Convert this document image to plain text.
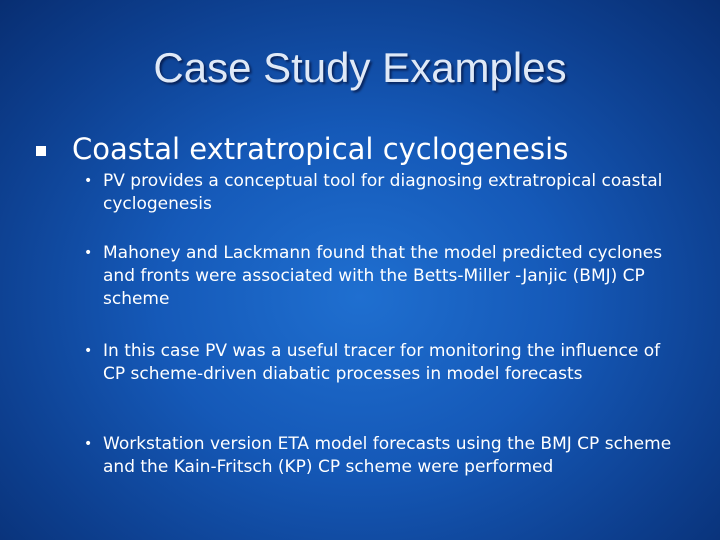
Case Study Examples
Coastal extratropical cyclogenesis
• PV provides a conceptual tool for diagnosing extratropical coastal cyclogenesis
• Mahoney and Lackmann found that the model predicted cyclones and fronts were associated with the Betts-Miller -Janjic (BMJ) CP scheme
• In this case PV was a useful tracer for monitoring the influence of CP scheme-driven diabatic processes in model forecasts
• Workstation version ETA model forecasts using the BMJ CP scheme and the Kain-Fritsch (KP) CP scheme were performed
